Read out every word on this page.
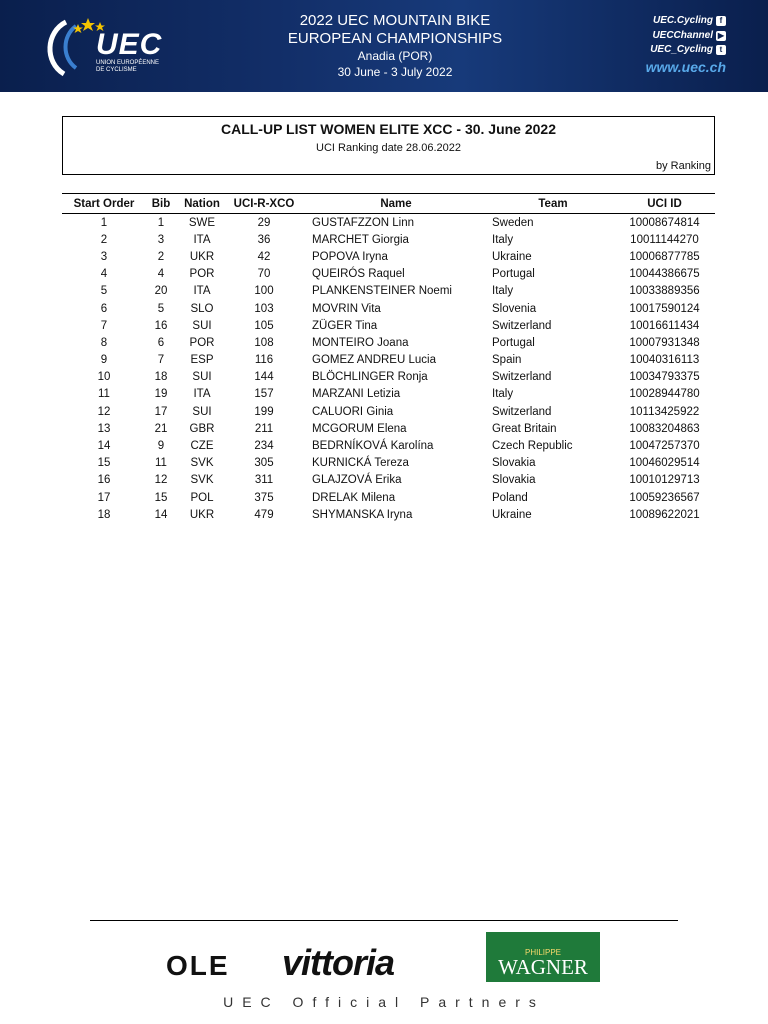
UEC
UNION EUROPÉENNE DE CYCLISME
2022 UEC MOUNTAIN BIKE
EUROPEAN CHAMPIONSHIPS
Anadia (POR)
30 June - 3 July 2022
UEC.Cycling f
UECChannel ▶
UEC_Cycling t
www.uec.ch
CALL-UP LIST WOMEN ELITE XCC - 30. June 2022
UCI Ranking date 28.06.2022
by Ranking
Start Order	Bib	Nation	UCI-R-XCO	Name	Team	UCI ID
1	1	SWE	29	GUSTAFZZON Linn	Sweden	10008674814
2	3	ITA	36	MARCHET Giorgia	Italy	10011144270
3	2	UKR	42	POPOVA Iryna	Ukraine	10006877785
4	4	POR	70	QUEIRÓS Raquel	Portugal	10044386675
5	20	ITA	100	PLANKENSTEINER Noemi	Italy	10033889356
6	5	SLO	103	MOVRIN Vita	Slovenia	10017590124
7	16	SUI	105	ZÜGER Tina	Switzerland	10016611434
8	6	POR	108	MONTEIRO Joana	Portugal	10007931348
9	7	ESP	116	GOMEZ ANDREU Lucia	Spain	10040316113
10	18	SUI	144	BLÖCHLINGER Ronja	Switzerland	10034793375
11	19	ITA	157	MARZANI Letizia	Italy	10028944780
12	17	SUI	199	CALUORI Ginia	Switzerland	10113425922
13	21	GBR	211	MCGORUM Elena	Great Britain	10083204863
14	9	CZE	234	BEDRNÍKOVÁ Karolína	Czech Republic	10047257370
15	11	SVK	305	KURNICKÁ Tereza	Slovakia	10046029514
16	12	SVK	311	GLAJZOVÁ Erika	Slovakia	10010129713
17	15	POL	375	DRELAK Milena	Poland	10059236567
18	14	UKR	479	SHYMANSKA Iryna	Ukraine	10089622021
OLE vittoria	PHILIPPE
WAGNER
UEC Official Partners
